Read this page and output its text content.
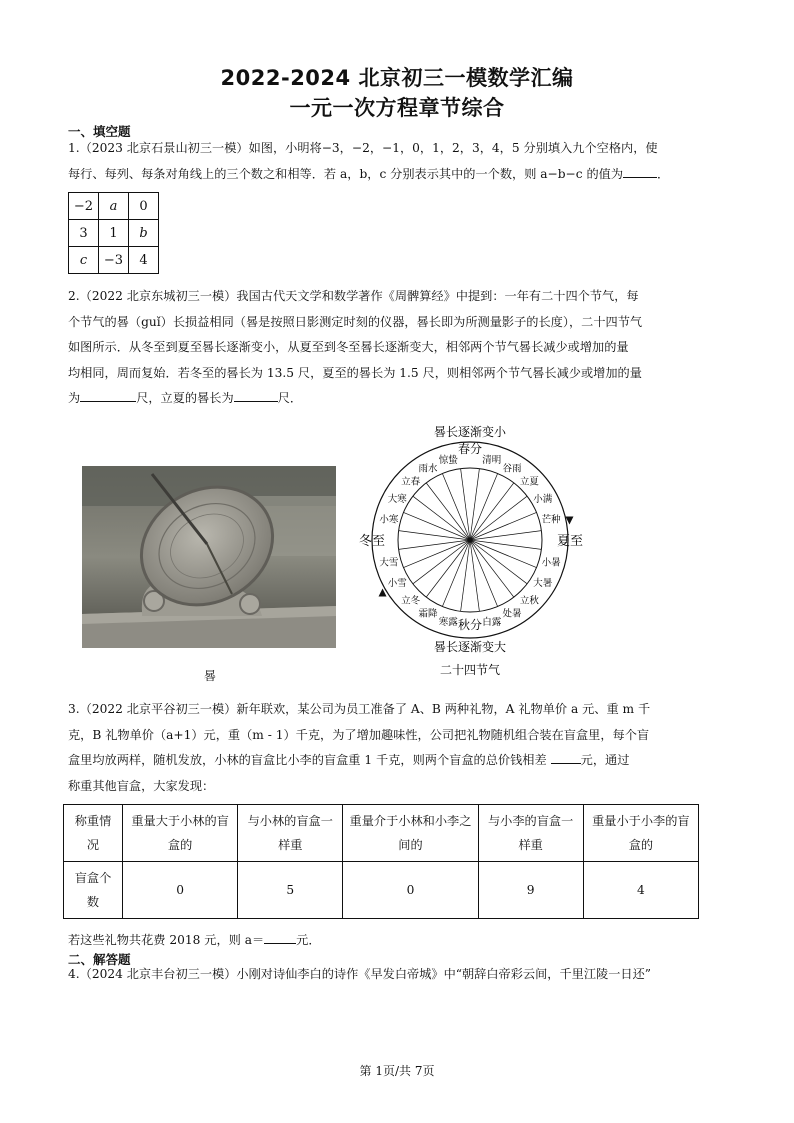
2022-2024 北京初三一模数学汇编
一元一次方程章节综合
一、填空题
1.（2023 北京石景山初三一模）如图，小明将−3，−2，−1，0，1，2，3，4，5 分别填入九个空格内，使
每行、每列、每条对角线上的三个数之和相等．若 a，b，c 分别表示其中的一个数，则 a−b−c 的值为	．
−2	a	0
3	1	b
c	−3	4
2.（2022 北京东城初三一模）我国古代天文学和数学著作《周髀算经》中提到：一年有二十四个节气，每
个节气的晷（guǐ）长损益相同（晷是按照日影测定时刻的仪器，晷长即为所测量影子的长度），二十四节气
如图所示．从冬至到夏至晷长逐渐变小，从夏至到冬至晷长逐渐变大，相邻两个节气晷长减少或增加的量
均相同，周而复始．若冬至的晷长为 13.5 尺，夏至的晷长为 1.5 尺，则相邻两个节气晷长减少或增加的量
为	尺，立夏的晷长为	尺．
晷
晷长逐渐变小
春分
秋分
晷长逐渐变大
二十四节气
冬至	夏至
清明
谷雨
立夏
小满
芒种
小暑
大暑
立秋
处暑
白露
寒露
霜降
立冬
小雪
大雪
小寒
大寒
立春
雨水
惊蛰
3.（2022 北京平谷初三一模）新年联欢，某公司为员工准备了 A、B 两种礼物，A 礼物单价 a 元、重 m 千
克，B 礼物单价（a+1）元，重（m - 1）千克，为了增加趣味性，公司把礼物随机组合装在盲盒里，每个盲
盒里均放两样，随机发放，小林的盲盒比小李的盲盒重 1 千克，则两个盲盒的总价钱相差	元，通过
称重其他盲盒，大家发现：
称重情况	重量大于小林的盲盒的	与小林的盲盒一样重	重量介于小林和小李之间的	与小李的盲盒一样重	重量小于小李的盲盒的
盲盒个数	0	5	0	9	4
若这些礼物共花费 2018 元，则 a＝	元．
二、解答题
4.（2024 北京丰台初三一模）小刚对诗仙李白的诗作《早发白帝城》中“朝辞白帝彩云间，千里江陵一日还”
第 1页/共 7页
